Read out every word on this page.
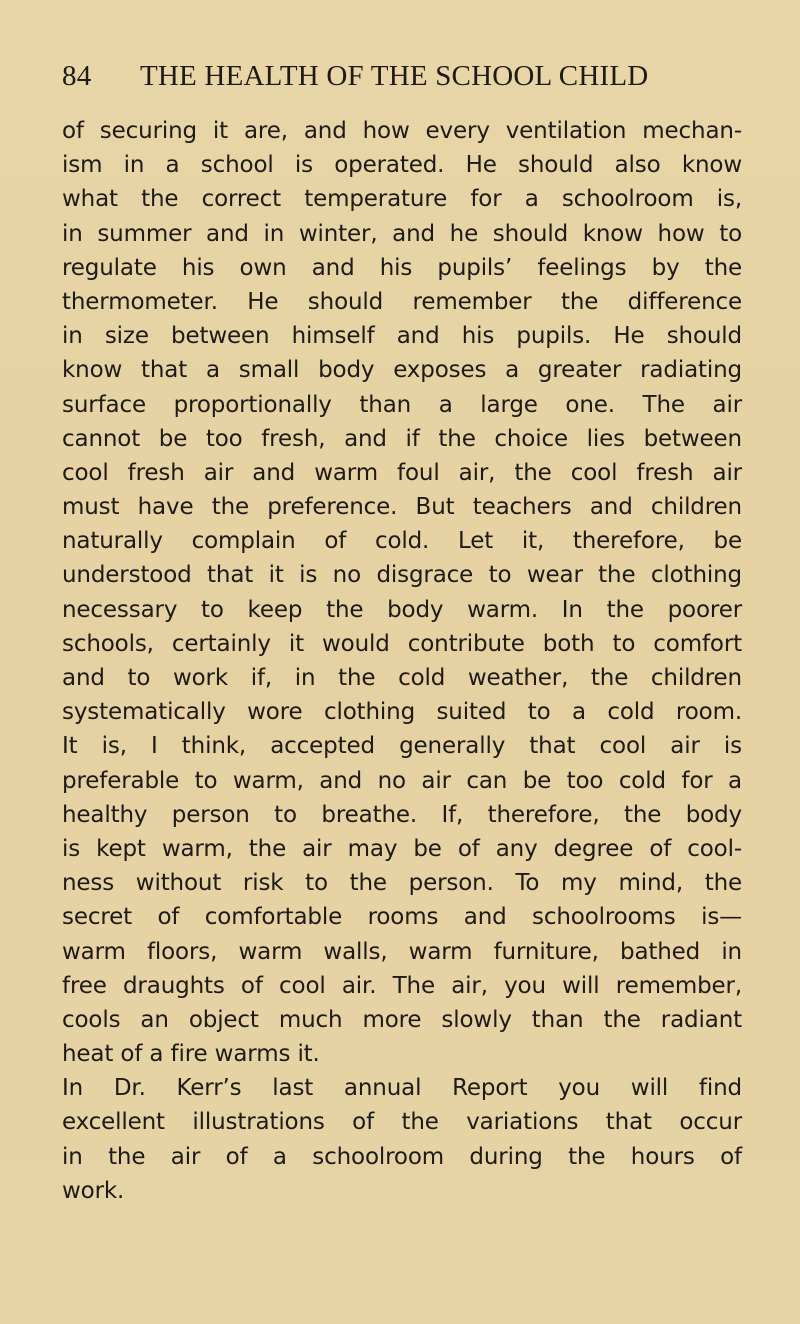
84 THE HEALTH OF THE SCHOOL CHILD
of securing it are, and how every ventilation mechan-
ism in a school is operated. He should also know
what the correct temperature for a schoolroom is,
in summer and in winter, and he should know how to
regulate his own and his pupils’ feelings by the
thermometer. He should remember the difference
in size between himself and his pupils. He should
know that a small body exposes a greater radiating
surface proportionally than a large one. The air
cannot be too fresh, and if the choice lies between
cool fresh air and warm foul air, the cool fresh air
must have the preference. But teachers and children
naturally complain of cold. Let it, therefore, be
understood that it is no disgrace to wear the clothing
necessary to keep the body warm. In the poorer
schools, certainly it would contribute both to comfort
and to work if, in the cold weather, the children
systematically wore clothing suited to a cold room.
It is, I think, accepted generally that cool air is
preferable to warm, and no air can be too cold for a
healthy person to breathe. If, therefore, the body
is kept warm, the air may be of any degree of cool-
ness without risk to the person. To my mind, the
secret of comfortable rooms and schoolrooms is—
warm floors, warm walls, warm furniture, bathed in
free draughts of cool air. The air, you will remember,
cools an object much more slowly than the radiant
heat of a fire warms it.
In Dr. Kerr’s last annual Report you will find
excellent illustrations of the variations that occur
in the air of a schoolroom during the hours of
work.
